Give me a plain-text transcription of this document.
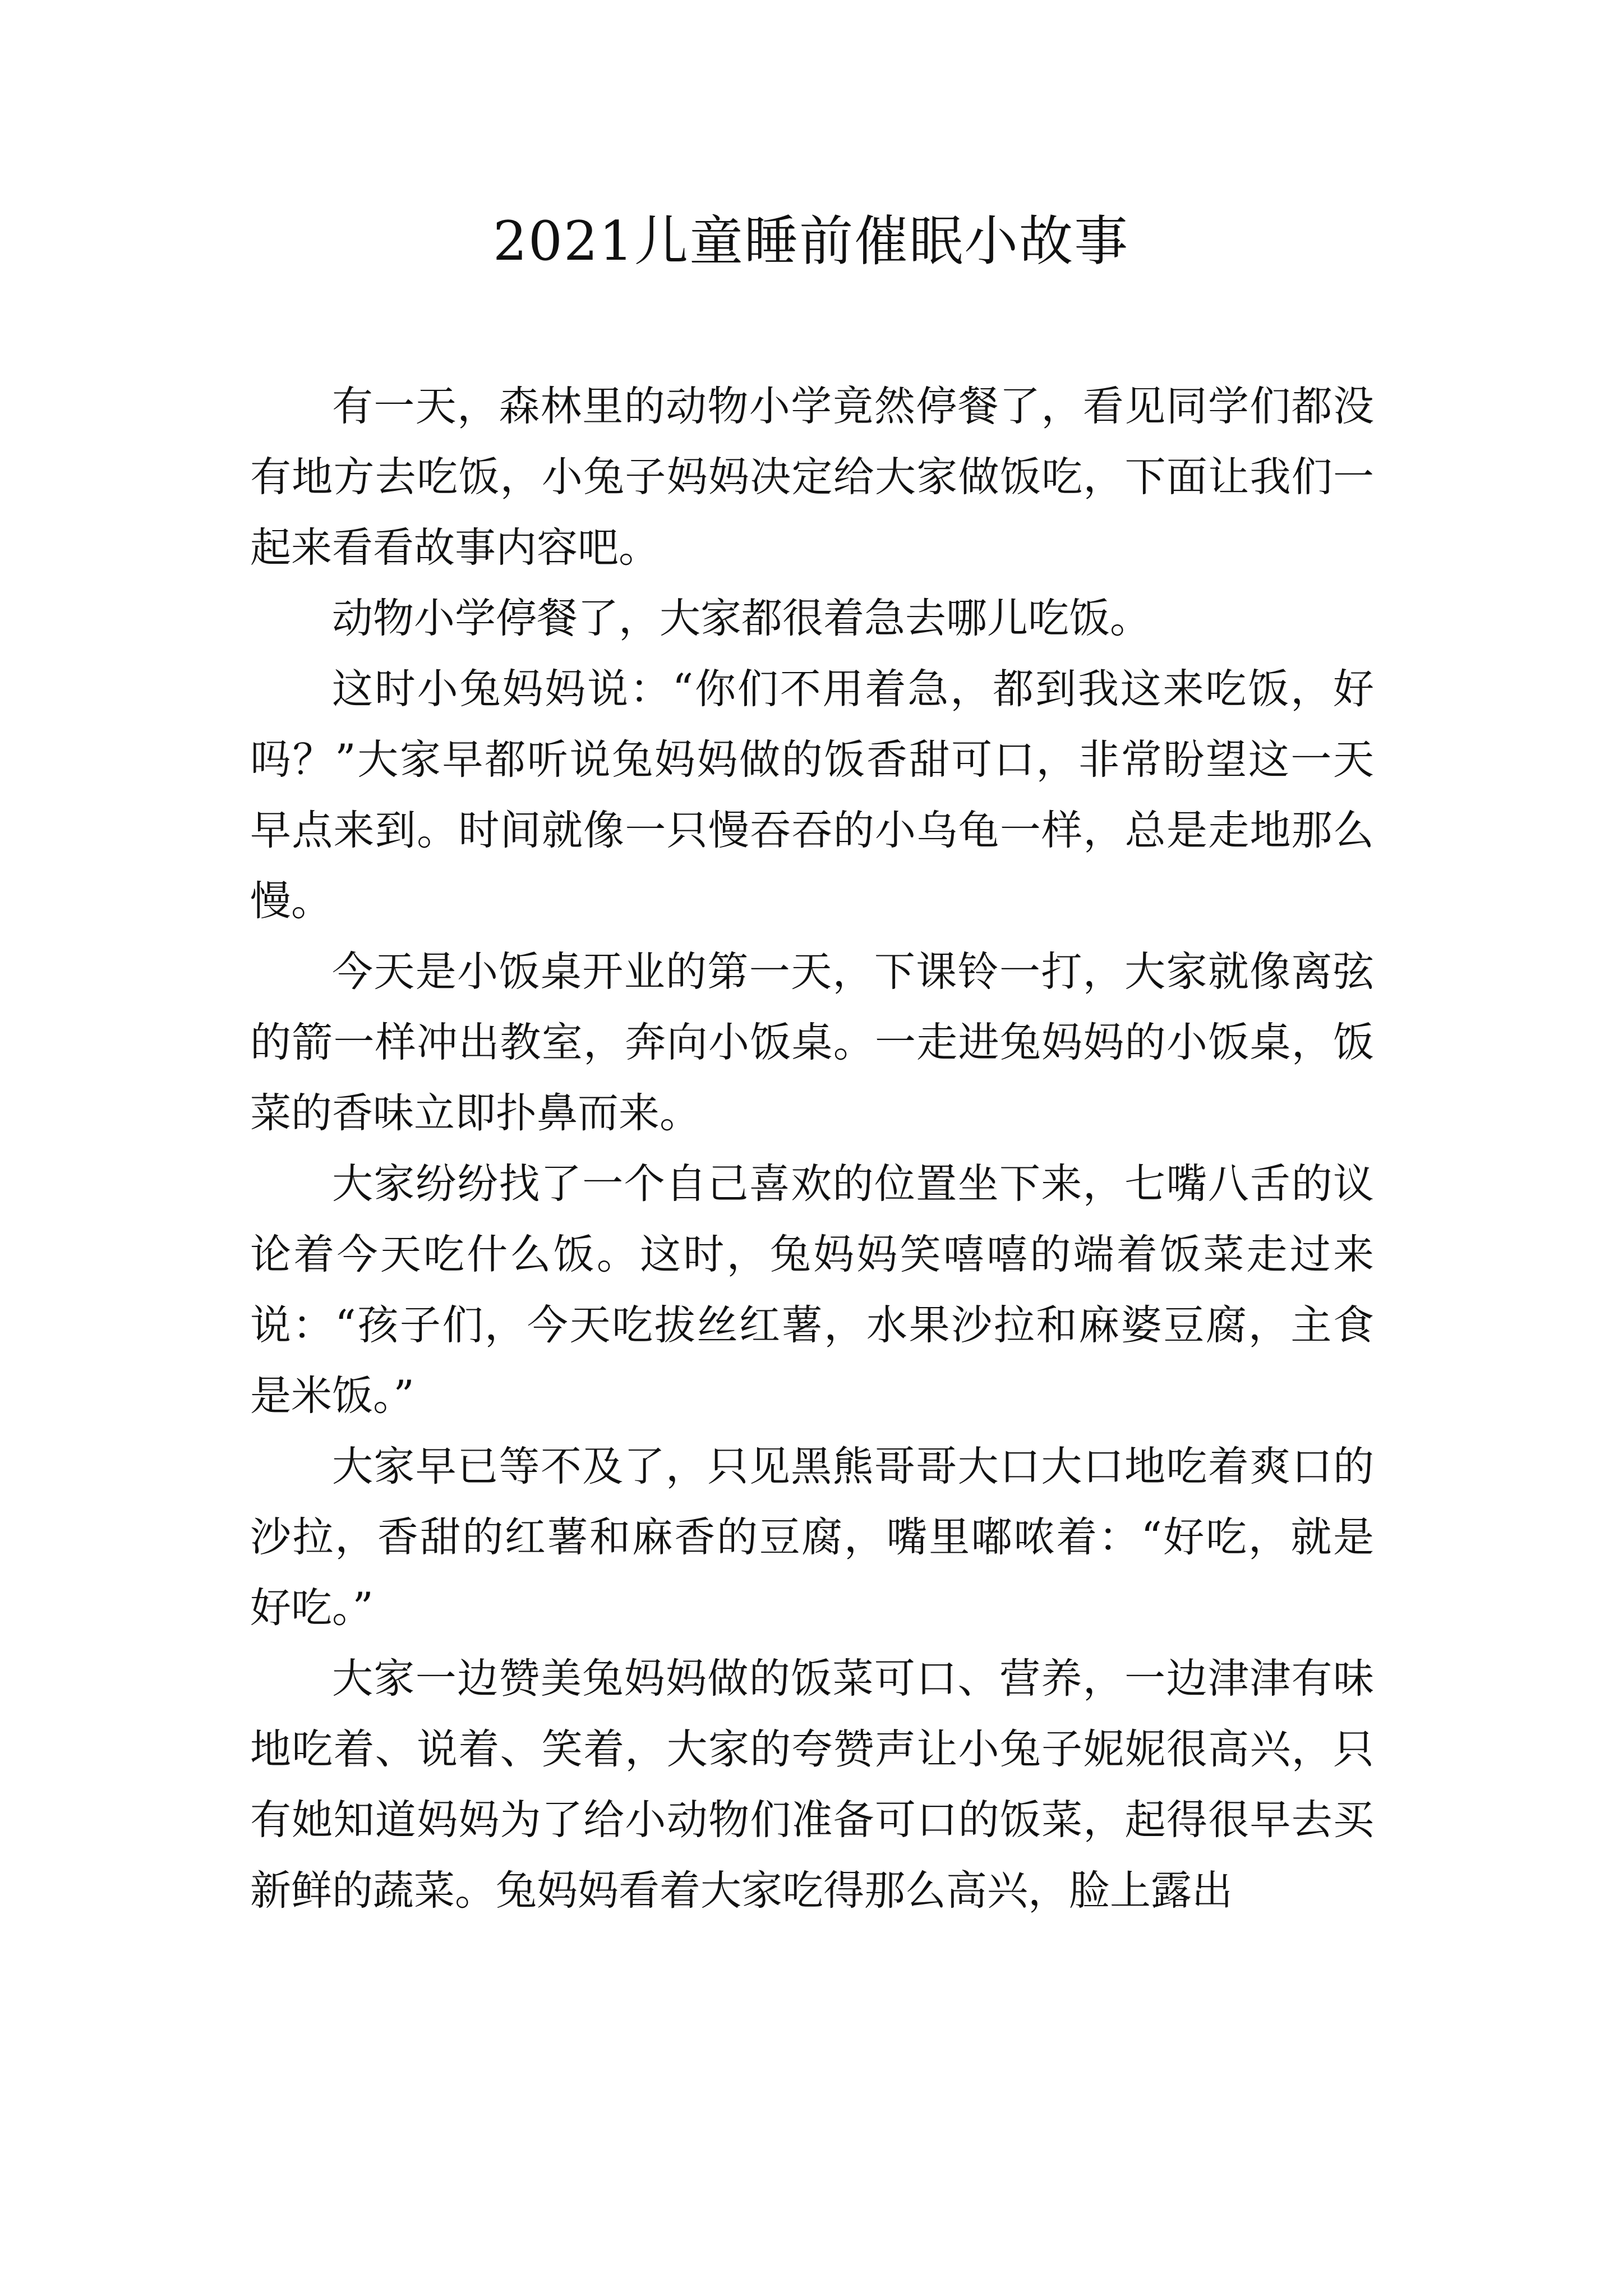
2021儿童睡前催眠小故事

有一天，森林里的动物小学竟然停餐了，看见同学们都没有地方去吃饭，小兔子妈妈决定给大家做饭吃，下面让我们一起来看看故事内容吧。

动物小学停餐了，大家都很着急去哪儿吃饭。

这时小兔妈妈说：“你们不用着急，都到我这来吃饭，好吗？”大家早都听说兔妈妈做的饭香甜可口，非常盼望这一天早点来到。时间就像一只慢吞吞的小乌龟一样，总是走地那么慢。

今天是小饭桌开业的第一天，下课铃一打，大家就像离弦的箭一样冲出教室，奔向小饭桌。一走进兔妈妈的小饭桌，饭菜的香味立即扑鼻而来。

大家纷纷找了一个自己喜欢的位置坐下来，七嘴八舌的议论着今天吃什么饭。这时，兔妈妈笑嘻嘻的端着饭菜走过来说：“孩子们，今天吃拔丝红薯，水果沙拉和麻婆豆腐，主食是米饭。”

大家早已等不及了，只见黑熊哥哥大口大口地吃着爽口的沙拉，香甜的红薯和麻香的豆腐，嘴里嘟哝着：“好吃，就是好吃。”

大家一边赞美兔妈妈做的饭菜可口、营养，一边津津有味地吃着、说着、笑着，大家的夸赞声让小兔子妮妮很高兴，只有她知道妈妈为了给小动物们准备可口的饭菜，起得很早去买新鲜的蔬菜。兔妈妈看着大家吃得那么高兴，脸上露出
